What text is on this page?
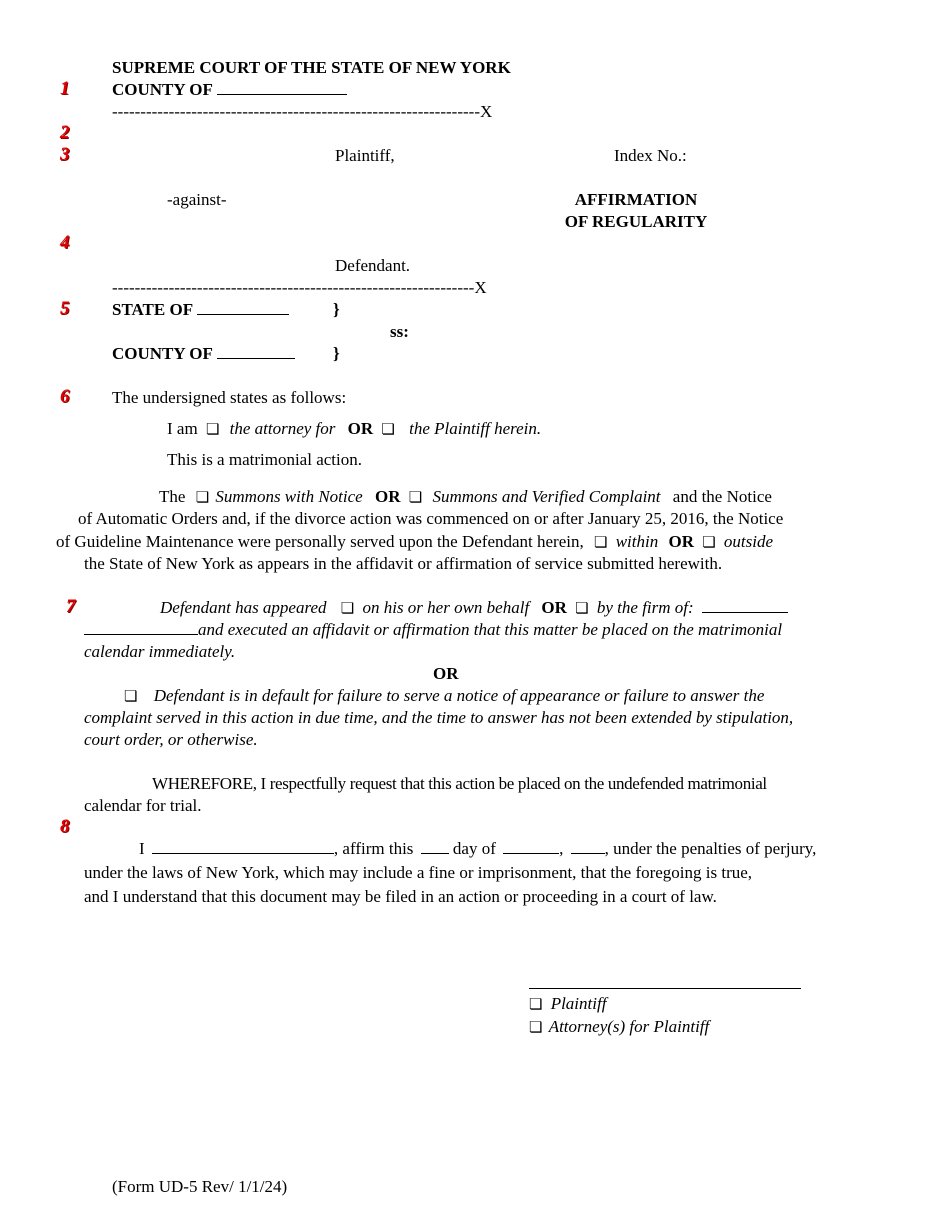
SUPREME COURT OF THE STATE OF NEW YORK
COUNTY OF
-----------------------------------------------------------------X
1
2
3
4
5
6
7
8
Plaintiff,	Index No.:
-against-	AFFIRMATION
OF REGULARITY
Defendant.
----------------------------------------------------------------X
STATE OF	}
ss:
COUNTY OF	}
The undersigned states as follows:
I am ❏ the attorney for OR ❏ the Plaintiff herein.
This is a matrimonial action.
The ❏ Summons with Notice OR ❏ Summons and Verified Complaint and the Notice
of Automatic Orders and, if the divorce action was commenced on or after January 25, 2016, the Notice
of Guideline Maintenance were personally served upon the Defendant herein, ❏ within OR ❏ outside
the State of New York as appears in the affidavit or affirmation of service submitted herewith.
Defendant has appeared ❏ on his or her own behalf OR ❏ by the firm of:
and executed an affidavit or affirmation that this matter be placed on the matrimonial
calendar immediately.
OR
❏ Defendant is in default for failure to serve a notice of appearance or failure to answer the
complaint served in this action in due time, and the time to answer has not been extended by stipulation,
court order, or otherwise.
WHEREFORE, I respectfully request that this action be placed on the undefended matrimonial
calendar for trial.
I	, affirm this day of	, , under the penalties of perjury,
under the laws of New York, which may include a fine or imprisonment, that the foregoing is true,
and I understand that this document may be filed in an action or proceeding in a court of law.
❏ Plaintiff
❏ Attorney(s) for Plaintiff
(Form UD-5 Rev/ 1/1/24)
